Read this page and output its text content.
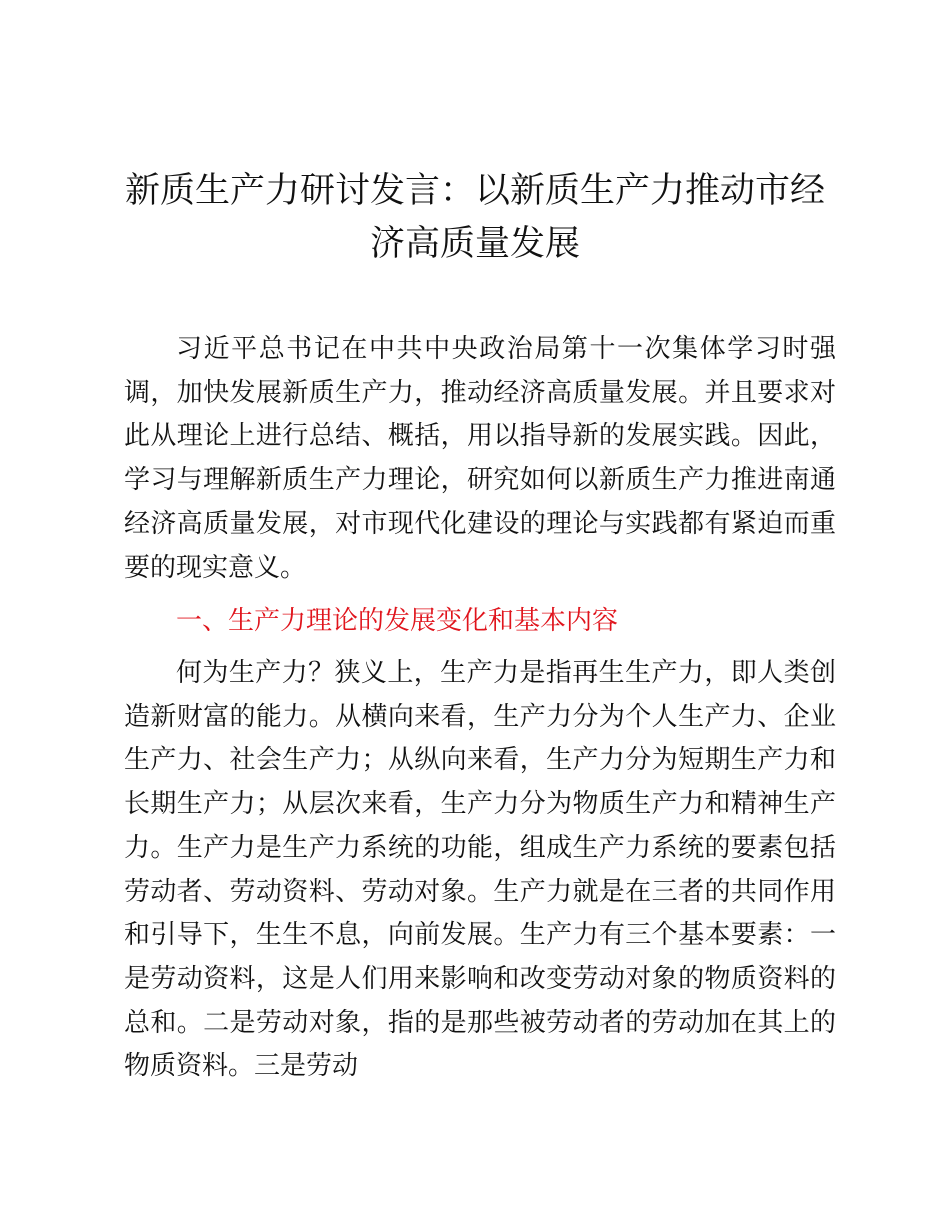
新质生产力研讨发言：以新质生产力推动市经济高质量发展

习近平总书记在中共中央政治局第十一次集体学习时强调，加快发展新质生产力，推动经济高质量发展。并且要求对此从理论上进行总结、概括，用以指导新的发展实践。因此，学习与理解新质生产力理论，研究如何以新质生产力推进南通经济高质量发展，对市现代化建设的理论与实践都有紧迫而重要的现实意义。

一、生产力理论的发展变化和基本内容

何为生产力？狭义上，生产力是指再生生产力，即人类创造新财富的能力。从横向来看，生产力分为个人生产力、企业生产力、社会生产力；从纵向来看，生产力分为短期生产力和长期生产力；从层次来看，生产力分为物质生产力和精神生产力。生产力是生产力系统的功能，组成生产力系统的要素包括劳动者、劳动资料、劳动对象。生产力就是在三者的共同作用和引导下，生生不息，向前发展。生产力有三个基本要素：一是劳动资料，这是人们用来影响和改变劳动对象的物质资料的总和。二是劳动对象，指的是那些被劳动者的劳动加在其上的物质资料。三是劳动
